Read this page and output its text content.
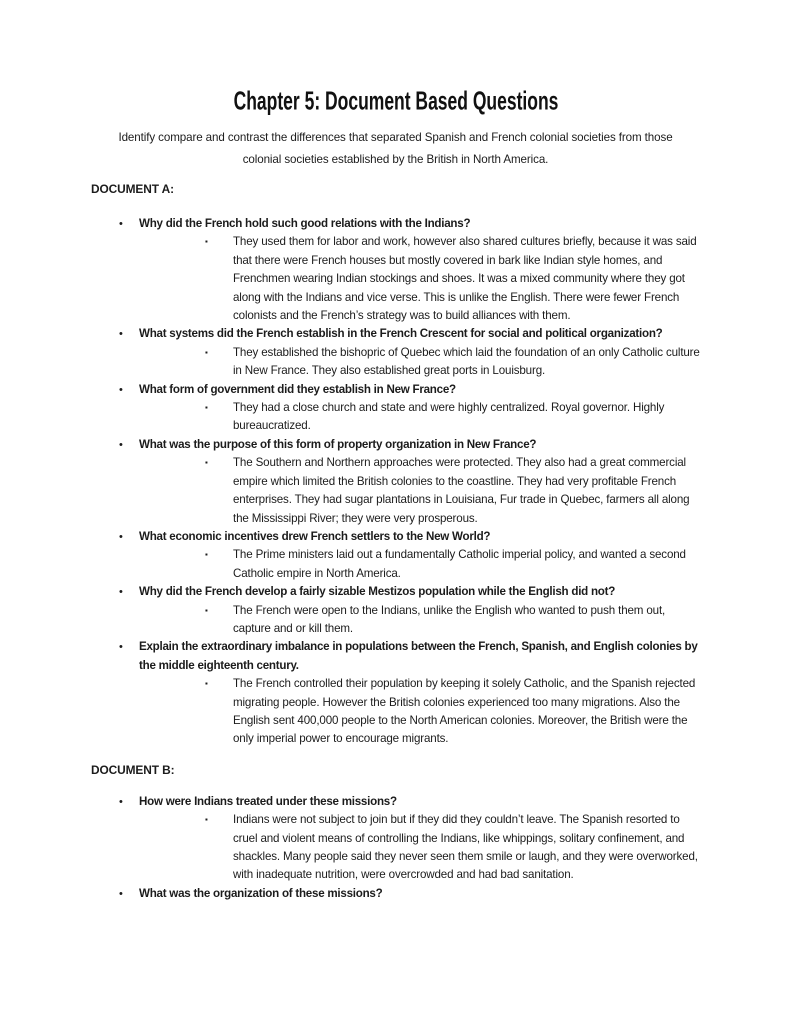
Chapter 5: Document Based Questions
Identify compare and contrast the differences that separated Spanish and French colonial societies from those colonial societies established by the British in North America.
DOCUMENT A:
•	Why did the French hold such good relations with the Indians?
▪	They used them for labor and work, however also shared cultures briefly, because it was said that there were French houses but mostly covered in bark like Indian style homes, and Frenchmen wearing Indian stockings and shoes. It was a mixed community where they got along with the Indians and vice verse. This is unlike the English. There were fewer French colonists and the French’s strategy was to build alliances with them.
•	What systems did the French establish in the French Crescent for social and political organization?
▪	They established the bishopric of Quebec which laid the foundation of an only Catholic culture in New France. They also established great ports in Louisburg.
•	What form of government did they establish in New France?
▪	They had a close church and state and were highly centralized. Royal governor. Highly bureaucratized.
•	What was the purpose of this form of property organization in New France?
▪	The Southern and Northern approaches were protected. They also had a great commercial empire which limited the British colonies to the coastline. They had very profitable French enterprises. They had sugar plantations in Louisiana, Fur trade in Quebec, farmers all along the Mississippi River; they were very prosperous.
•	What economic incentives drew French settlers to the New World?
▪	The Prime ministers laid out a fundamentally Catholic imperial policy, and wanted a second Catholic empire in North America.
•	Why did the French develop a fairly sizable Mestizos population while the English did not?
▪	The French were open to the Indians, unlike the English who wanted to push them out, capture and or kill them.
•	Explain the extraordinary imbalance in populations between the French, Spanish, and English colonies by the middle eighteenth century.
▪	The French controlled their population by keeping it solely Catholic, and the Spanish rejected migrating people. However the British colonies experienced too many migrations. Also the English sent 400,000 people to the North American colonies. Moreover, the British were the only imperial power to encourage migrants.
DOCUMENT B:
•	How were Indians treated under these missions?
▪	Indians were not subject to join but if they did they couldn’t leave. The Spanish resorted to cruel and violent means of controlling the Indians, like whippings, solitary confinement, and shackles. Many people said they never seen them smile or laugh, and they were overworked, with inadequate nutrition, were overcrowded and had bad sanitation.
•	What was the organization of these missions?
